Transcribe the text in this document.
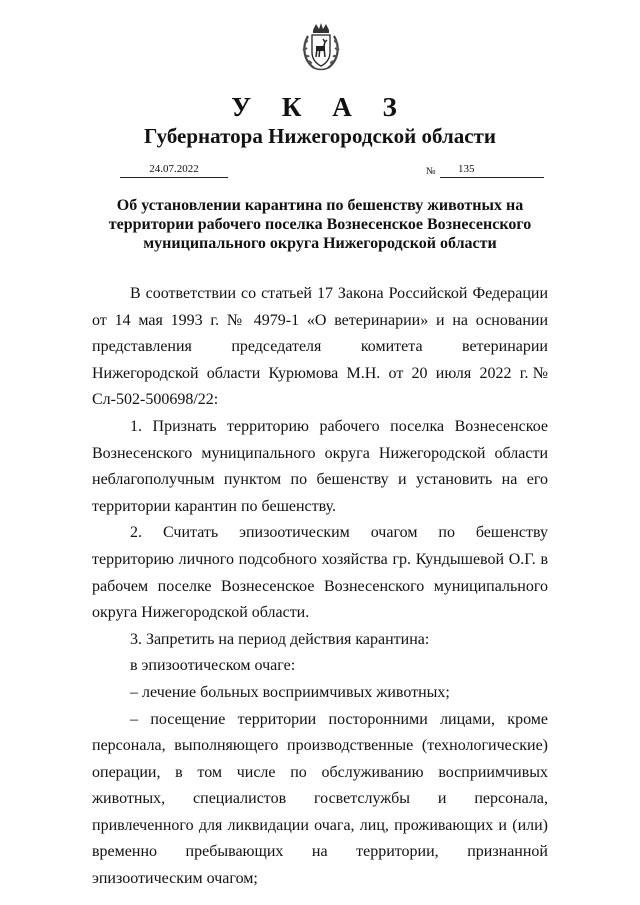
У К А З
Губернатора Нижегородской области
24.07.2022	№	135
Об установлении карантина по бешенству животных на территории рабочего поселка Вознесенское Вознесенского муниципального округа Нижегородской области

В соответствии со статьей 17 Закона Российской Федерации от 14 мая 1993 г. № 4979-1 «О ветеринарии» и на основании представления председателя комитета ветеринарии Нижегородской области Курюмова М.Н. от 20 июля 2022 г.№ Сл-502-500698/22:

1. Признать территорию рабочего поселка Вознесенское Вознесенского муниципального округа Нижегородской области неблагополучным пунктом по бешенству и установить на его территории карантин по бешенству.

2. Считать эпизоотическим очагом по бешенству территорию личного подсобного хозяйства гр. Кундышевой О.Г. в рабочем поселке Вознесенское Вознесенского муниципального округа Нижегородской области.

3. Запретить на период действия карантина:

в эпизоотическом очаге:

– лечение больных восприимчивых животных;

– посещение территории посторонними лицами, кроме персонала, выполняющего производственные (технологические) операции, в том числе по обслуживанию восприимчивых животных, специалистов госветслужбы и персонала, привлеченного для ликвидации очага, лиц, проживающих и (или) временно пребывающих на территории, признанной эпизоотическим очагом;
